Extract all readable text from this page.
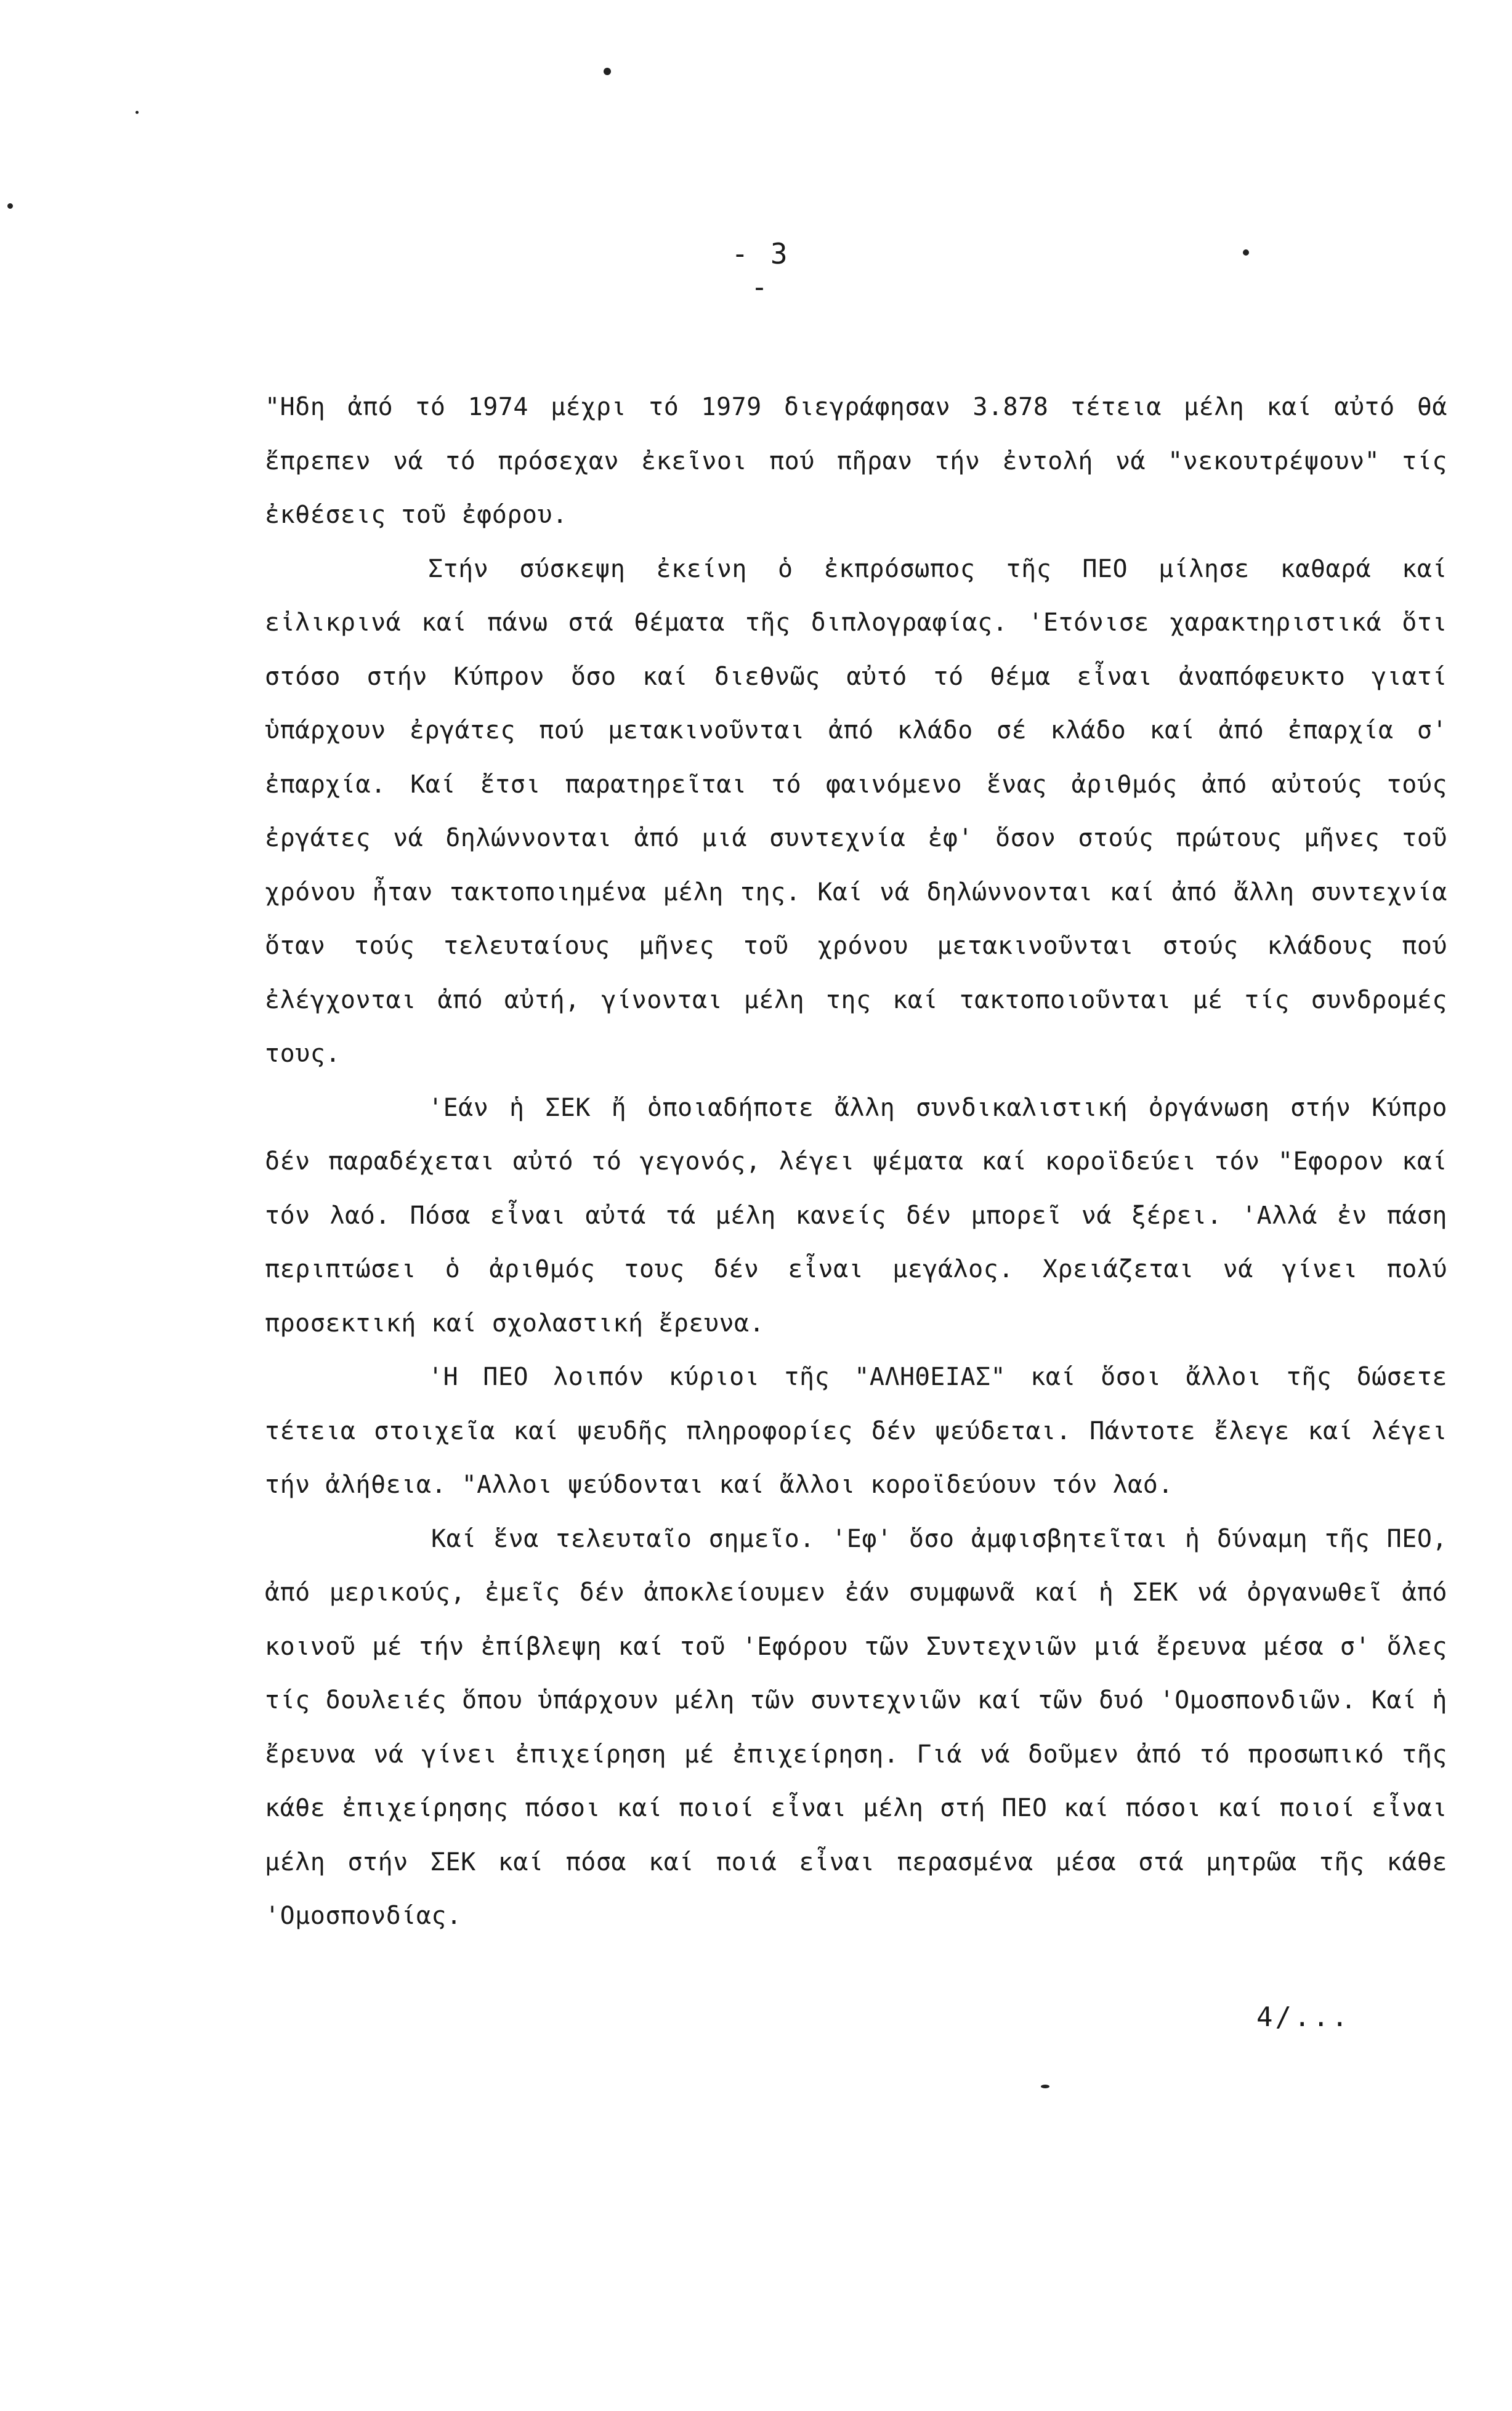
- 3 -

"Ηδη ἀπό τό 1974 μέχρι τό 1979 διεγράφησαν 3.878 τέτεια μέλη καί αὐτό θά ἔπρεπεν νά τό πρόσεχαν ἐκεῖνοι πού πῆραν τήν ἐντολή νά "νεκουτρέψουν" τίς ἐκθέσεις τοῦ ἐφόρου.

Στήν σύσκεψη ἐκείνη ὁ ἐκπρόσωπος τῆς ΠΕΟ μίλησε καθαρά καί εἰλικρινά καί πάνω στά θέματα τῆς διπλογραφίας. 'Ετόνισε χαρακτηριστικά ὅτι στόσο στήν Κύπρον ὅσο καί διεθνῶς αὐτό τό θέμα εἶναι ἀναπόφευκτο γιατί ὑπάρχουν ἐργάτες πού μετακινοῦνται ἀπό κλάδο σέ κλάδο καί ἀπό ἐπαρχία σ' ἐπαρχία. Καί ἔτσι παρατηρεῖται τό φαινόμενο ἕνας ἀριθμός ἀπό αὐτούς τούς ἐργάτες νά δηλώννονται ἀπό μιά συντεχνία ἐφ' ὅσον στούς πρώτους μῆνες τοῦ χρόνου ἦταν τακτοποιημένα μέλη της. Καί νά δηλώννονται καί ἀπό ἄλλη συντεχνία ὅταν τούς τελευταίους μῆνες τοῦ χρόνου μετακινοῦνται στούς κλάδους πού ἐλέγχονται ἀπό αὐτή, γίνονται μέλη της καί τακτοποιοῦνται μέ τίς συνδρομές τους.

'Εάν ἡ ΣΕΚ ἤ ὁποιαδήποτε ἄλλη συνδικαλιστική ὀργάνωση στήν Κύπρο δέν παραδέχεται αὐτό τό γεγονός, λέγει ψέματα καί κοροϊδεύει τόν "Εφορον καί τόν λαό. Πόσα εἶναι αὐτά τά μέλη κανείς δέν μπορεῖ νά ξέρει. 'Αλλά ἐν πάση περιπτώσει ὁ ἀριθμός τους δέν εἶναι μεγάλος. Χρειάζεται νά γίνει πολύ προσεκτική καί σχολαστική ἔρευνα.

'Η ΠΕΟ λοιπόν κύριοι τῆς "ΑΛΗΘΕΙΑΣ" καί ὅσοι ἄλλοι τῆς δώσετε τέτεια στοιχεῖα καί ψευδῆς πληροφορίες δέν ψεύδεται. Πάντοτε ἔλεγε καί λέγει τήν ἀλήθεια. "Αλλοι ψεύδονται καί ἄλλοι κοροϊδεύουν τόν λαό.

Καί ἕνα τελευταῖο σημεῖο. 'Εφ' ὅσο ἀμφισβητεῖται ἡ δύναμη τῆς ΠΕΟ, ἀπό μερικούς, ἐμεῖς δέν ἀποκλείουμεν ἐάν συμφωνᾶ καί ἡ ΣΕΚ νά ὀργανωθεῖ ἀπό κοινοῦ μέ τήν ἐπίβλεψη καί τοῦ 'Εφόρου τῶν Συντεχνιῶν μιά ἔρευνα μέσα σ' ὅλες τίς δουλειές ὅπου ὑπάρχουν μέλη τῶν συντεχνιῶν καί τῶν δυό 'Ομοσπονδιῶν. Καί ἡ ἔρευνα νά γίνει ἐπιχείρηση μέ ἐπιχείρηση. Γιά νά δοῦμεν ἀπό τό προσωπικό τῆς κάθε ἐπιχείρησης πόσοι καί ποιοί εἶναι μέλη στή ΠΕΟ καί πόσοι καί ποιοί εἶναι μέλη στήν ΣΕΚ καί πόσα καί ποιά εἶναι περασμένα μέσα στά μητρῶα τῆς κάθε 'Ομοσπονδίας.

4/...
